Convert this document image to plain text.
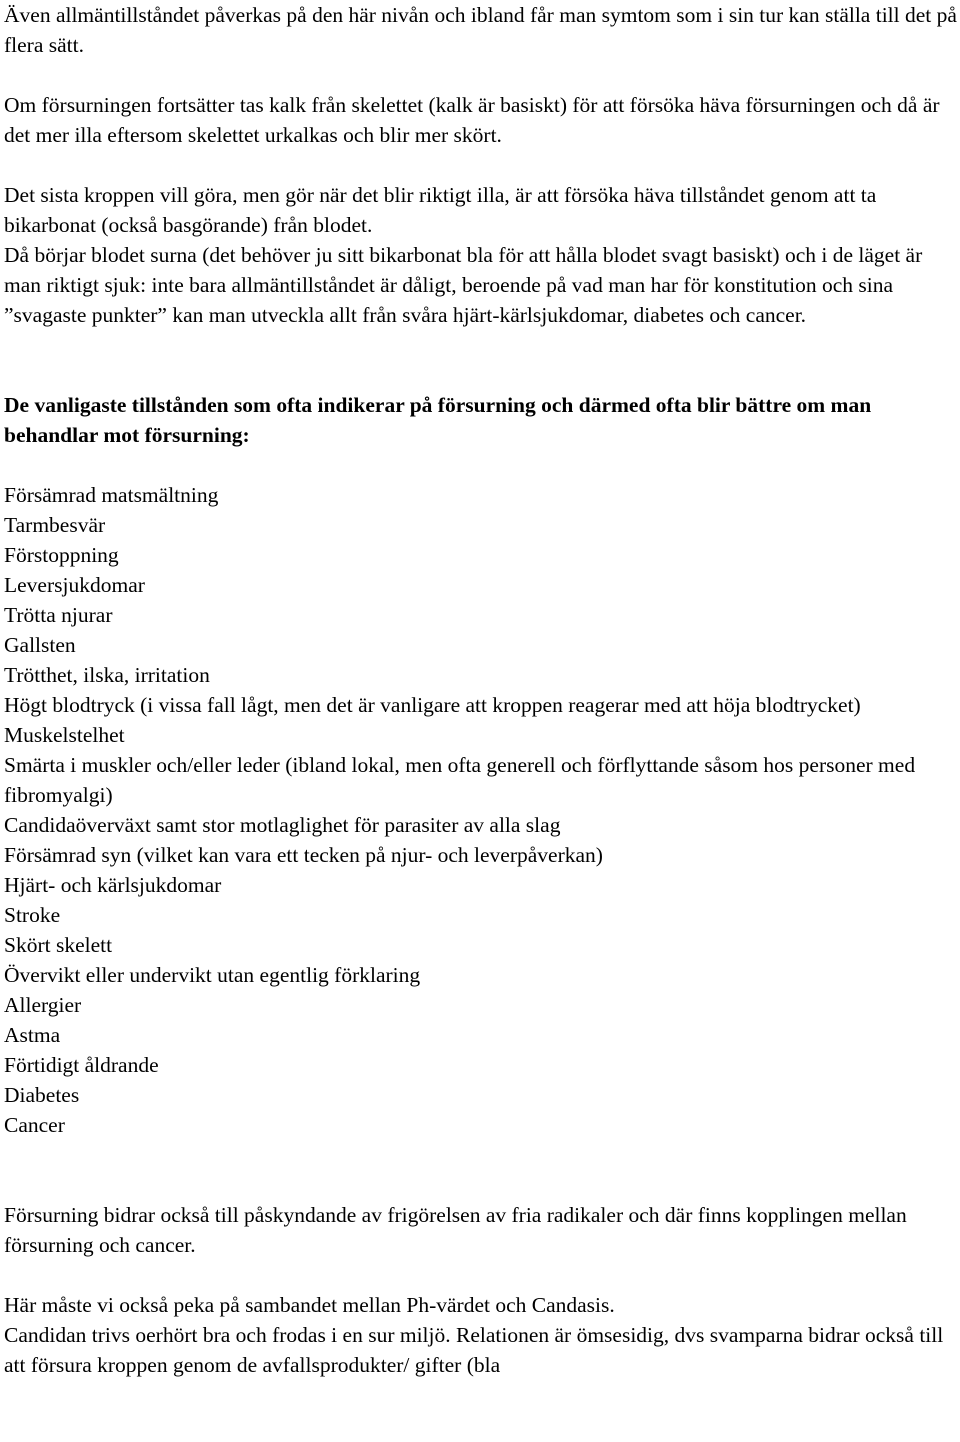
Även allmäntillståndet påverkas på den här nivån och ibland får man symtom som i sin tur kan ställa till det på flera sätt.

Om försurningen fortsätter tas kalk från skelettet (kalk är basiskt) för att försöka häva försurningen och då är det mer illa eftersom skelettet urkalkas och blir mer skört.

Det sista kroppen vill göra, men gör när det blir riktigt illa, är att försöka häva tillståndet genom att ta bikarbonat (också basgörande) från blodet.

Då börjar blodet surna (det behöver ju sitt bikarbonat bla för att hålla blodet svagt basiskt) och i de läget är man riktigt sjuk: inte bara allmäntillståndet är dåligt, beroende på vad man har för konstitution och sina ”svagaste punkter” kan man utveckla allt från svåra hjärt-kärlsjukdomar, diabetes och cancer.

De vanligaste tillstånden som ofta indikerar på försurning och därmed ofta blir bättre om man behandlar mot försurning:

Försämrad matsmältning
Tarmbesvär
Förstoppning
Leversjukdomar
Trötta njurar
Gallsten
Trötthet, ilska, irritation
Högt blodtryck (i vissa fall lågt, men det är vanligare att kroppen reagerar med att höja blodtrycket)
Muskelstelhet
Smärta i muskler och/eller leder (ibland lokal, men ofta generell och förflyttande såsom hos personer med fibromyalgi)
Candidaöverväxt samt stor motlaglighet för parasiter av alla slag
Försämrad syn (vilket kan vara ett tecken på njur- och leverpåverkan)
Hjärt- och kärlsjukdomar
Stroke
Skört skelett
Övervikt eller undervikt utan egentlig förklaring
Allergier
Astma
Förtidigt åldrande
Diabetes
Cancer

Försurning bidrar också till påskyndande av frigörelsen av fria radikaler och där finns kopplingen mellan försurning och cancer.

Här måste vi också peka på sambandet mellan Ph-värdet och Candasis.

Candidan trivs oerhört bra och frodas i en sur miljö. Relationen är ömsesidig, dvs svamparna bidrar också till att försura kroppen genom de avfallsprodukter/ gifter (bla
